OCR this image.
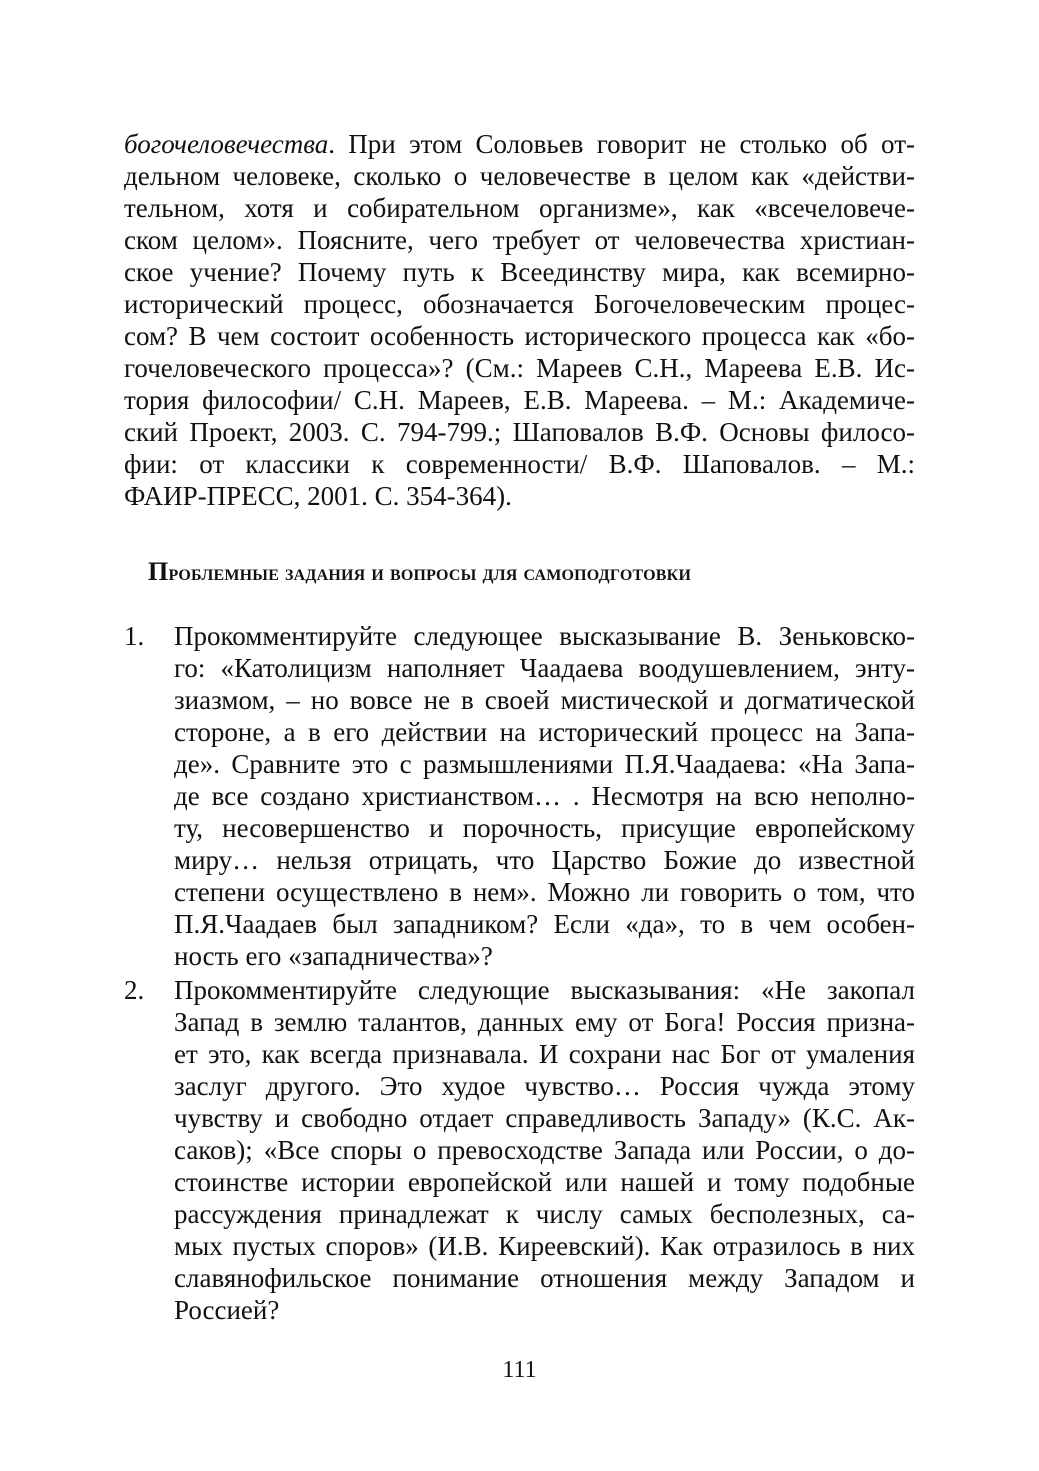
богочеловечества. При этом Соловьев говорит не столько об от-
дельном человеке, сколько о человечестве в целом как «действи-
тельном, хотя и собирательном организме», как «всечеловече-
ском целом». Поясните, чего требует от человечества христиан-
ское учение? Почему путь к Всеединству мира, как всемирно-
исторический процесс, обозначается Богочеловеческим процес-
сом? В чем состоит особенность исторического процесса как «бо-
гочеловеческого процесса»? (См.: Мареев С.Н., Мареева Е.В. Ис-
тория философии/ С.Н. Мареев, Е.В. Мареева. – М.: Академиче-
ский Проект, 2003. С. 794-799.; Шаповалов В.Ф. Основы филосо-
фии: от классики к современности/ В.Ф. Шаповалов. – М.:
ФАИР-ПРЕСС, 2001. С. 354-364).
Проблемные задания и вопросы для самоподготовки
1. Прокомментируйте следующее высказывание В. Зеньковско-
го: «Католицизм наполняет Чаадаева воодушевлением, энту-
зиазмом, – но вовсе не в своей мистической и догматической
стороне, а в его действии на исторический процесс на Запа-
де». Сравните это с размышлениями П.Я.Чаадаева: «На Запа-
де все создано христианством… . Несмотря на всю неполно-
ту, несовершенство и порочность, присущие европейскому
миру… нельзя отрицать, что Царство Божие до известной
степени осуществлено в нем». Можно ли говорить о том, что
П.Я.Чаадаев был западником? Если «да», то в чем особен-
ность его «западничества»?
2. Прокомментируйте следующие высказывания: «Не закопал
Запад в землю талантов, данных ему от Бога! Россия призна-
ет это, как всегда признавала. И сохрани нас Бог от умаления
заслуг другого. Это худое чувство… Россия чужда этому
чувству и свободно отдает справедливость Западу» (К.С. Ак-
саков); «Все споры о превосходстве Запада или России, о до-
стоинстве истории европейской или нашей и тому подобные
рассуждения принадлежат к числу самых бесполезных, са-
мых пустых споров» (И.В. Киреевский). Как отразилось в них
славянофильское понимание отношения между Западом и
Россией?
111
